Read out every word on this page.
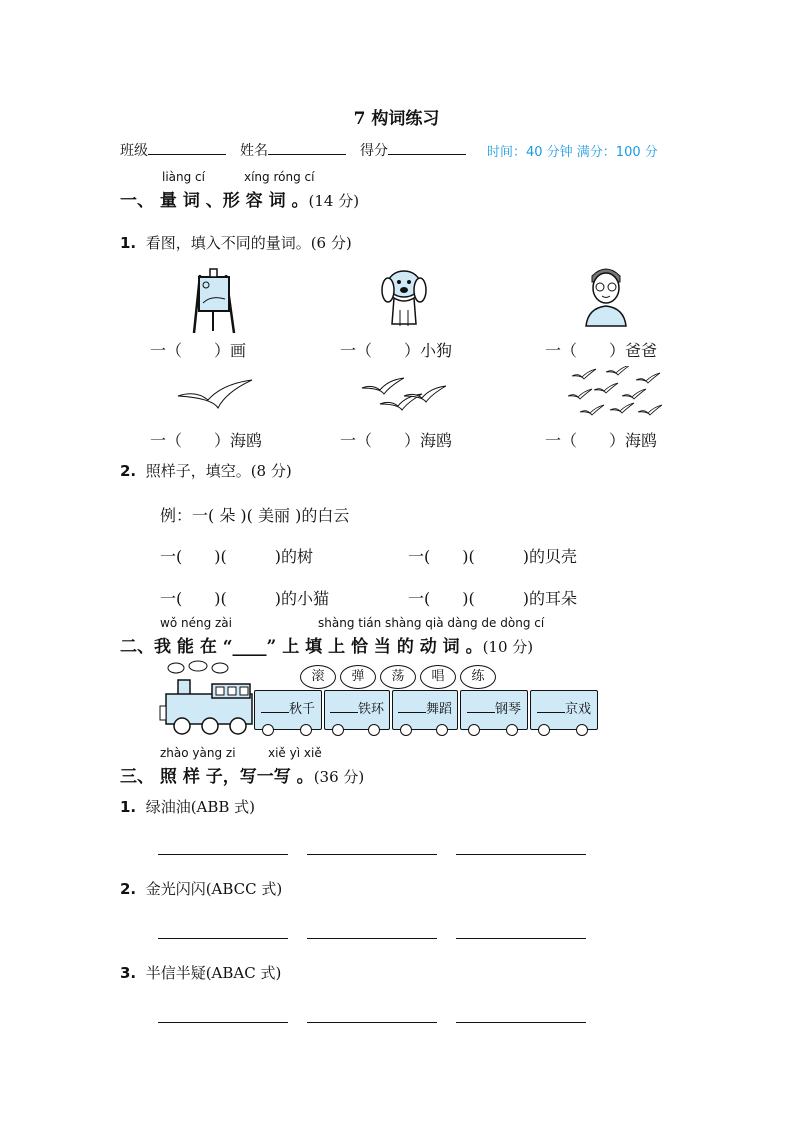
7 构词练习
班级	姓名	得分	时间：40 分钟 满分：100 分
liàng cí	xíng róng cí
一、 量 词 、形 容 词 。(14 分)
1. 看图，填入不同的量词。(6 分)
一（　　）画	一（　　）小狗	一（　　）爸爸
一（　　）海鸥	一（　　）海鸥	一（　　）海鸥
2. 照样子，填空。(8 分)
例：一( 朵 )( 美丽 )的白云
一(　　)(　　　)的树	一(　　)(　　　)的贝壳
一(　　)(　　　)的小猫	一(　　)(　　　)的耳朵
wǒ néng zài	shàng tián shàng qià dàng de dòng cí
二、我 能 在 “____” 上 填 上 恰 当 的 动 词 。(10 分)
滚	弹	荡	唱	练
秋千	铁环	舞蹈	钢琴	京戏
zhào yàng zi	xiě yì xiě
三、 照 样 子，写一写 。(36 分)
1. 绿油油(ABB 式)
2. 金光闪闪(ABCC 式)
3. 半信半疑(ABAC 式)
